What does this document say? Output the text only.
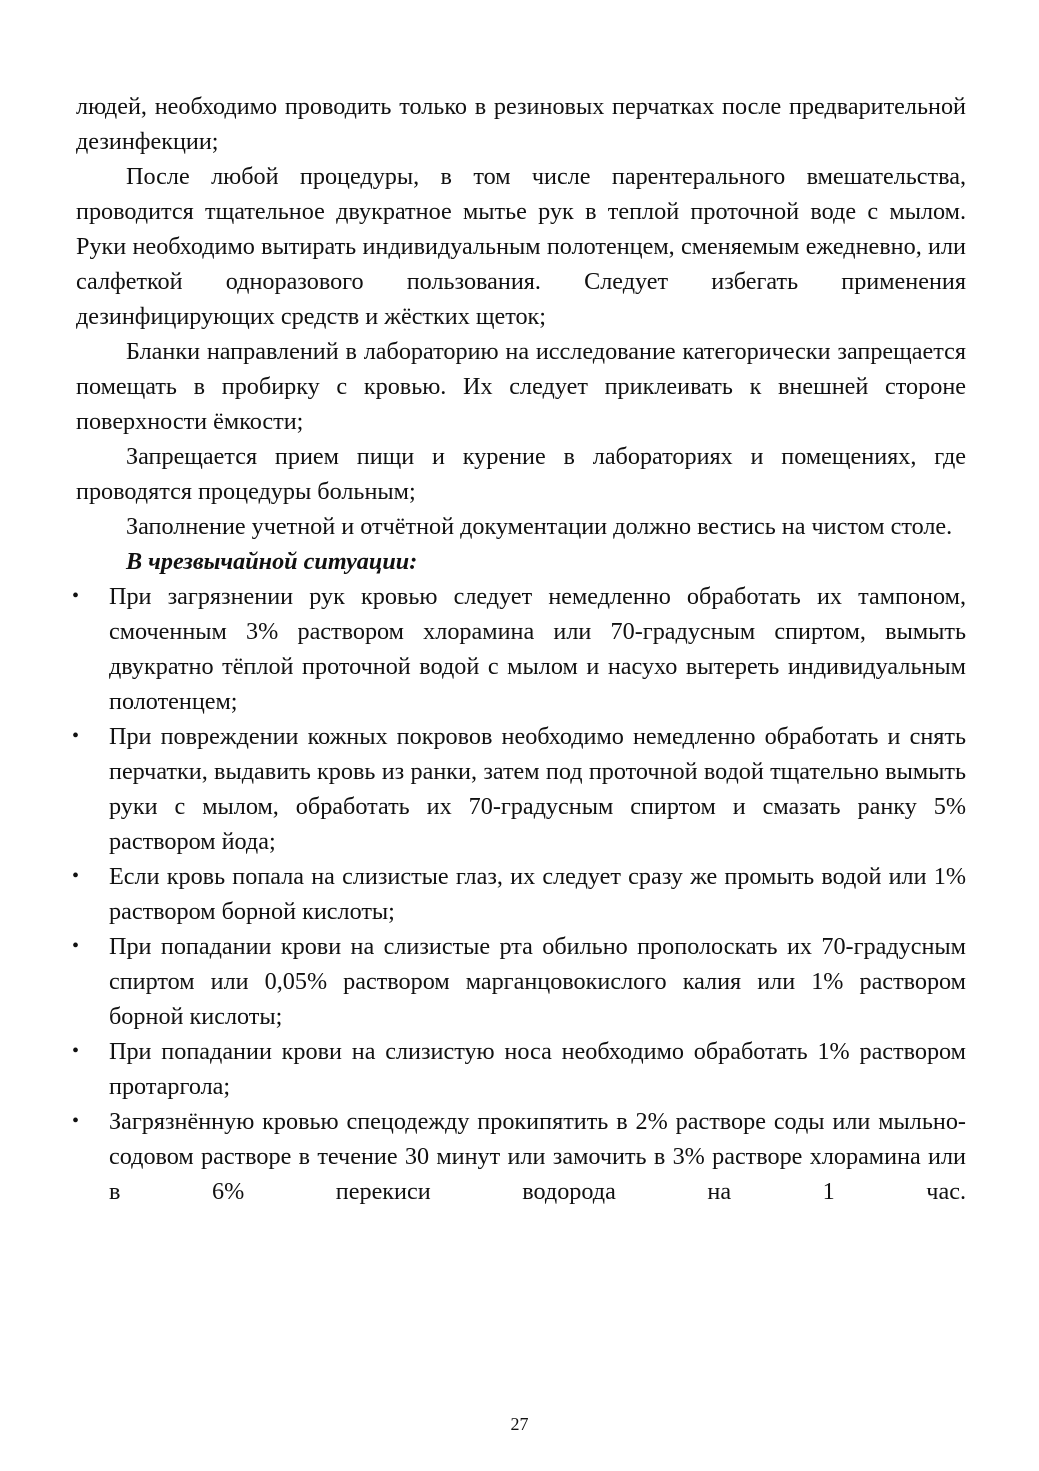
людей, необходимо проводить только в резиновых перчатках после предварительной дезинфекции;

После любой процедуры, в том числе парентерального вмешательства, проводится тщательное двукратное мытье рук в теплой проточной воде с мылом. Руки необходимо вытирать индивидуальным полотенцем, сменяемым ежедневно, или салфеткой одноразового пользования. Следует избегать применения дезинфицирующих средств и жёстких щеток;

Бланки направлений в лабораторию на исследование категорически запрещается помещать в пробирку с кровью. Их следует приклеивать к внешней стороне поверхности ёмкости;

Запрещается прием пищи и курение в лабораториях и помещениях, где проводятся процедуры больным;

Заполнение учетной и отчётной документации должно вестись на чистом столе.

В чрезвычайной ситуации:
• При загрязнении рук кровью следует немедленно обработать их тампоном, смоченным 3% раствором хлорамина или 70-градусным спиртом, вымыть двукратно тёплой проточной водой с мылом и насухо вытереть индивидуальным полотенцем;
• При повреждении кожных покровов необходимо немедленно обработать и снять перчатки, выдавить кровь из ранки, затем под проточной водой тщательно вымыть руки с мылом, обработать их 70-градусным спиртом и смазать ранку 5% раствором йода;
• Если кровь попала на слизистые глаз, их следует сразу же промыть водой или 1% раствором борной кислоты;
• При попадании крови на слизистые рта обильно прополоскать их 70-градусным спиртом или 0,05% раствором марганцовокислого калия или 1% раствором борной кислоты;
• При попадании крови на слизистую носа необходимо обработать 1% раствором протаргола;
• Загрязнённую кровью спецодежду прокипятить в 2% растворе соды или мыльно-содовом растворе в течение 30 минут или замочить в 3% растворе хлорамина или в 6% перекиси водорода на 1 час.
27
